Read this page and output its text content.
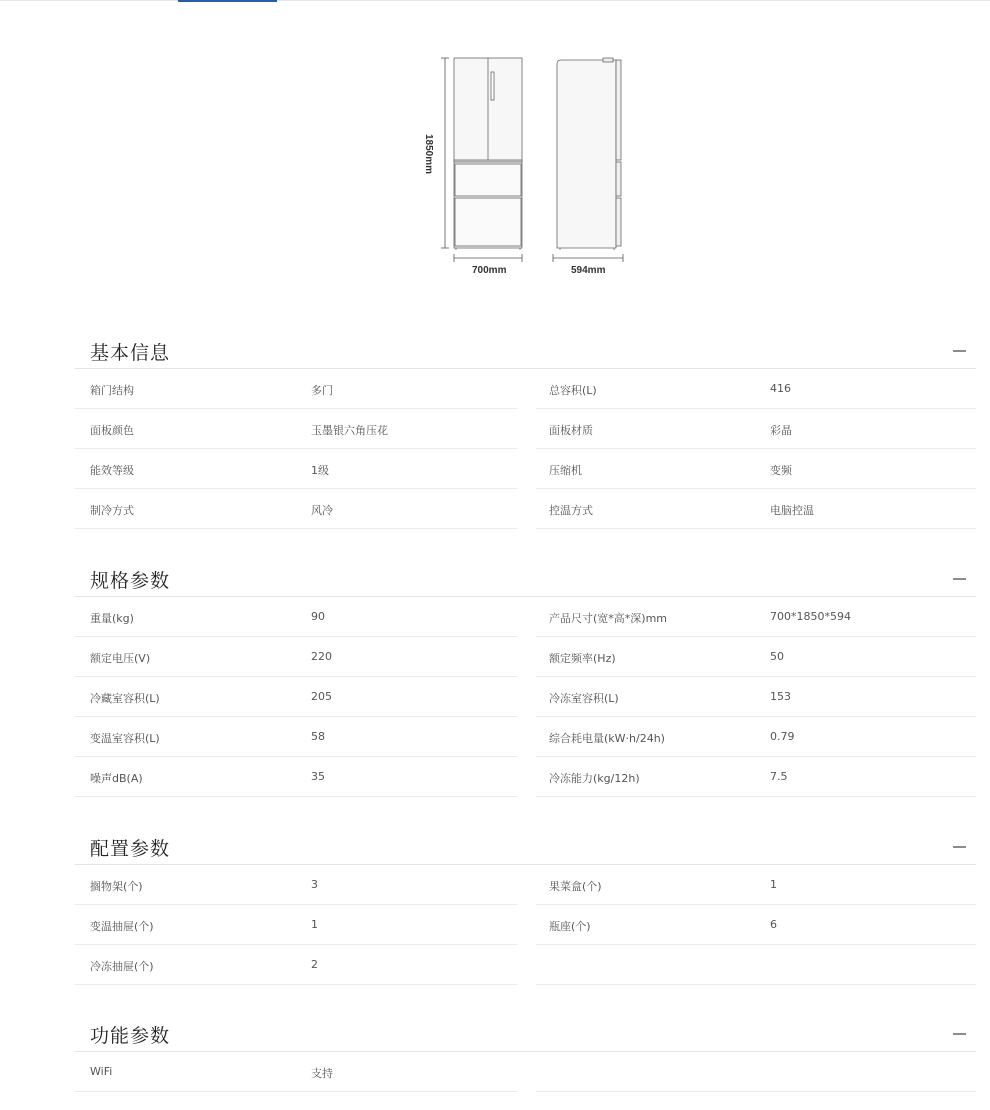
1850mm
700mm	594mm
基本信息
箱门结构	多门	总容积(L)	416
面板颜色	玉墨银六角压花	面板材质	彩晶
能效等级	1级	压缩机	变频
制冷方式	风冷	控温方式	电脑控温
规格参数
重量(kg)	90	产品尺寸(宽*高*深)mm	700*1850*594
额定电压(V)	220	额定频率(Hz)	50
冷藏室容积(L)	205	冷冻室容积(L)	153
变温室容积(L)	58	综合耗电量(kW·h/24h)	0.79
噪声dB(A)	35	冷冻能力(kg/12h)	7.5
配置参数
搁物架(个)	3	果菜盒(个)	1
变温抽屉(个)	1	瓶座(个)	6
冷冻抽屉(个)	2
功能参数
WiFi	支持
